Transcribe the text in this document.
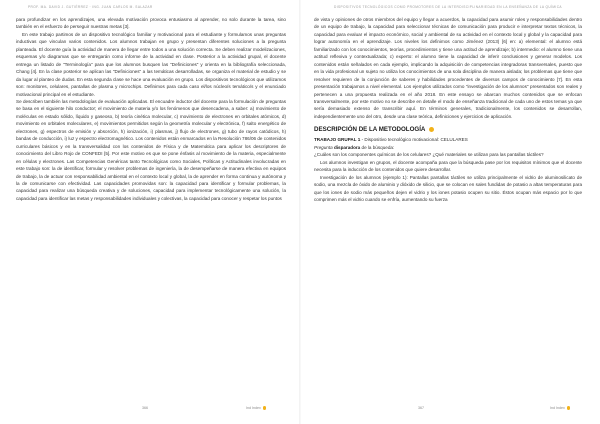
PROF. MA. DAVID J. GUTIÉRREZ · ING. JUAN CARLOS M. SALAZAR

para profundizar en los aprendizajes, una elevada motivación provoca entusiasmo al aprender, no solo durante la tarea, sino también en el esfuerzo de perseguir nuestras metas [3].

En este trabajo partimos de un dispositivo tecnológico familiar y motivacional para el estudiante y formulamos unas preguntas inductivas que vinculan varios contenidos. Los alumnos trabajan en grupo y presentan diferentes soluciones a la pregunta planteada. El docente guía la actividad de manera de llegar entre todos a una solución correcta. Se deben realizar modelizaciones, esquemas y/o diagramas que se entregarán como informe de la actividad en clase. Posterior a la actividad grupal, el docente entrega un listado de "Terminología" para que los alumnos busquen las "Definiciones" y orienta en la bibliografía seleccionada, Chang [4]. En la clase posterior se aplican las "Definiciones" a las temáticas desarrolladas, se organiza el material de estudio y se da lugar al planteo de dudas. En esta segunda clase se hace una evaluación en grupo. Los dispositivos tecnológicos que utilizamos son: monitores, celulares, pantallas de plasma y microchips. Definimos para cada caso el/los núcleo/s temático/s y el enunciado motivacional principal en el estudiante.

Se describen también las metodologías de evaluación aplicadas. El encuadre inductor del docente para la formulación de preguntas se basa en el siguiente hilo conductor; el movimiento de materia y/o los fenómenos que desencadena, a saber: a) movimiento de moléculas en estado sólido, líquido y gaseoso, b) teoría cinética molecular, c) movimiento de electrones en orbitales atómicos, d) movimiento en orbitales moleculares, e) movimientos permitidos según la geometría molecular y electrónica, f) salto energético de electrones, g) espectros de emisión y absorción, h) ionización, i) plasmas, j) flujo de electrones, g) tubo de rayos catódicos, h) bandas de conducción, i) luz y espectro electromagnético. Los contenidos están enmarcados en la Resolución 786/06 de contenidos curriculares básicos y en la transversalidad con los contenidos de Física y de Matemática para aplicar los descriptores de conocimiento del Libro Rojo de CONFEDI [5]. Por este motivo es que se pone énfasis al movimiento de la materia, especialmente en células y electrones. Las Competencias Genéricas tanto Tecnológicas como Sociales, Políticas y Actitudinales involucradas en este trabajo son: la de identificar, formular y resolver problemas de ingeniería, la de desempeñarse de manera efectiva en equipos de trabajo, la de actuar con responsabilidad ambiental en el contexto local y global, la de aprender en forma continua y autónoma y la de comunicarse con efectividad. Las capacidades promovidas son: la capacidad para identificar y formular problemas, la capacidad para realizar una búsqueda creativa y de soluciones, capacidad para implementar tecnológicamente una solución, la capacidad para identificar las metas y responsabilidades individuales y colectivas, la capacidad para conocer y respetar los puntos

366	Ind Index
DISPOSITIVOS TECNOLÓGICOS COMO PROMOTORES DE LA INTERDISCIPLINARIEDAD EN LA ENSEÑANZA DE LA QUÍMICA

de vista y opiniones de otros miembros del equipo y llegar a acuerdos, la capacidad para asumir roles y responsabilidades dentro de un equipo de trabajo, la capacidad para seleccionar técnicas de comunicación para producir e interpretar textos técnicos, la capacidad para evaluar el impacto económico, social y ambiental de su actividad en el contexto local y global y la capacidad para lograr autonomía en el aprendizaje. Los niveles los definimos como Jiménez (2013) [6] en: a) elemental: el alumno está familiarizado con los conocimientos, teorías, procedimientos y tiene una actitud de aprendizaje; b) intermedio: el alumno tiene una actitud reflexiva y contextualizada; c) experto: el alumno tiene la capacidad de inferir conclusiones y generar modelos. Los contenidos están señalados en cada ejemplo, implicando la adquisición de competencias integradoras transversales, puesto que en la vida profesional un sujeto no utiliza los conocimientos de una sola disciplina de manera aislada; los problemas que tiene que resolver requieren de la conjunción de saberes y habilidades procedentes de diversos campos de conocimiento [7]. En esta presentación trabajamos a nivel elemental. Los ejemplos utilizados como "investigación de los alumnos" presentados son reales y pertenecen a una propuesta realizada en el año 2018. En este ensayo se abarcan muchos contenidos que se enfocan transversalmente, por este motivo no se describe en detalle el modo de enseñanza tradicional de cada uno de estos temas ya que sería demasiado extenso de transcribir aquí. En términos generales, tradicionalmente, los contenidos se desarrollan, independientemente uno del otro, desde una clase teórica, definiciones y ejercicios de aplicación.

DESCRIPCIÓN DE LA METODOLOGÍA

TRABAJO GRUPAL 1 - Dispositivo tecnológico motivacional: CELULARES

Pregunta disparadora de la búsqueda:

¿Cuáles son los componentes químicos de los celulares? ¿Qué materiales se utilizan para las pantallas táctiles?

Los alumnos investigan en grupos, el docente acompaña para que la búsqueda pase por los requisitos mínimos que el docente necesita para la inducción de los contenidos que quiere desarrollar.

Investigación de los alumnos (ejemplo 1): Pantallas pantallas táctiles se utiliza principalmente el vidrio de aluminosilicato de sodio, una mezcla de óxido de aluminio y dióxido de silicio, que se colocan en sales fundidas de potasio a altas temperaturas para que los iones de sodio más pequeños dejen el vidrio y los iones potasio ocupen su sitio. Éstos ocupan más espacio por lo que comprimen más el vidrio cuando se enfría, aumentando su fuerza

367	Ind Index
